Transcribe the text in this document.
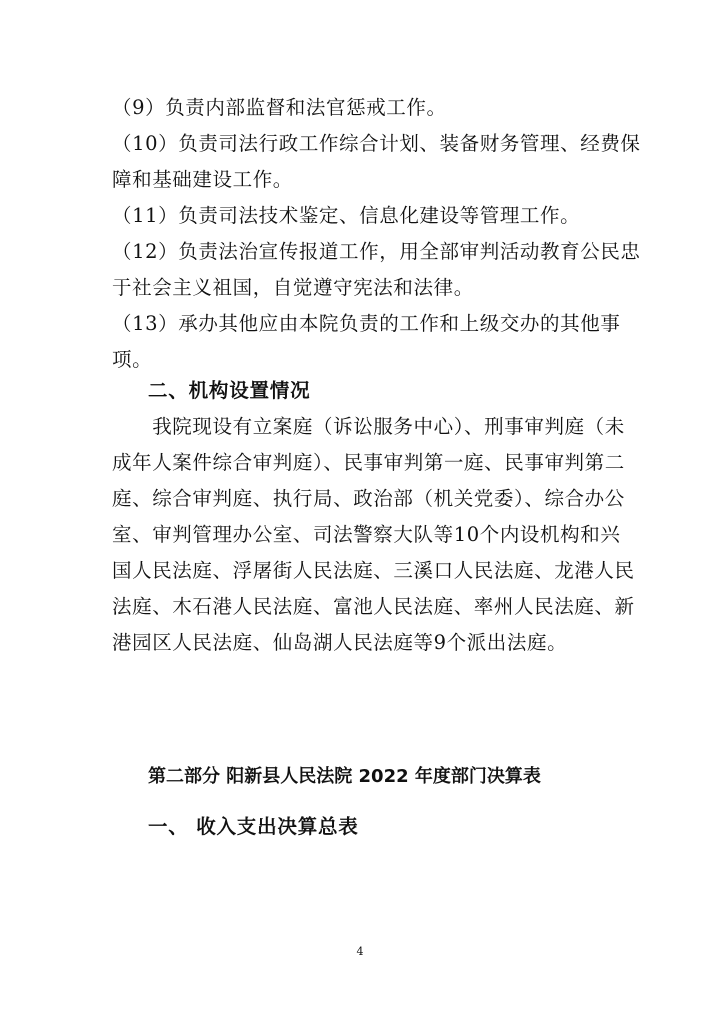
（9）负责内部监督和法官惩戒工作。
（10）负责司法行政工作综合计划、装备财务管理、经费保
障和基础建设工作。
（11）负责司法技术鉴定、信息化建设等管理工作。
（12）负责法治宣传报道工作，用全部审判活动教育公民忠
于社会主义祖国，自觉遵守宪法和法律。
（13）承办其他应由本院负责的工作和上级交办的其他事
项。
二、机构设置情况
　　我院现设有立案庭（诉讼服务中心）、刑事审判庭（未
成年人案件综合审判庭）、民事审判第一庭、民事审判第二
庭、综合审判庭、执行局、政治部（机关党委）、综合办公
室、审判管理办公室、司法警察大队等10个内设机构和兴
国人民法庭、浮屠街人民法庭、三溪口人民法庭、龙港人民
法庭、木石港人民法庭、富池人民法庭、率州人民法庭、新
港园区人民法庭、仙岛湖人民法庭等9个派出法庭。
第二部分 阳新县人民法院 2022 年度部门决算表
一、 收入支出决算总表
4
